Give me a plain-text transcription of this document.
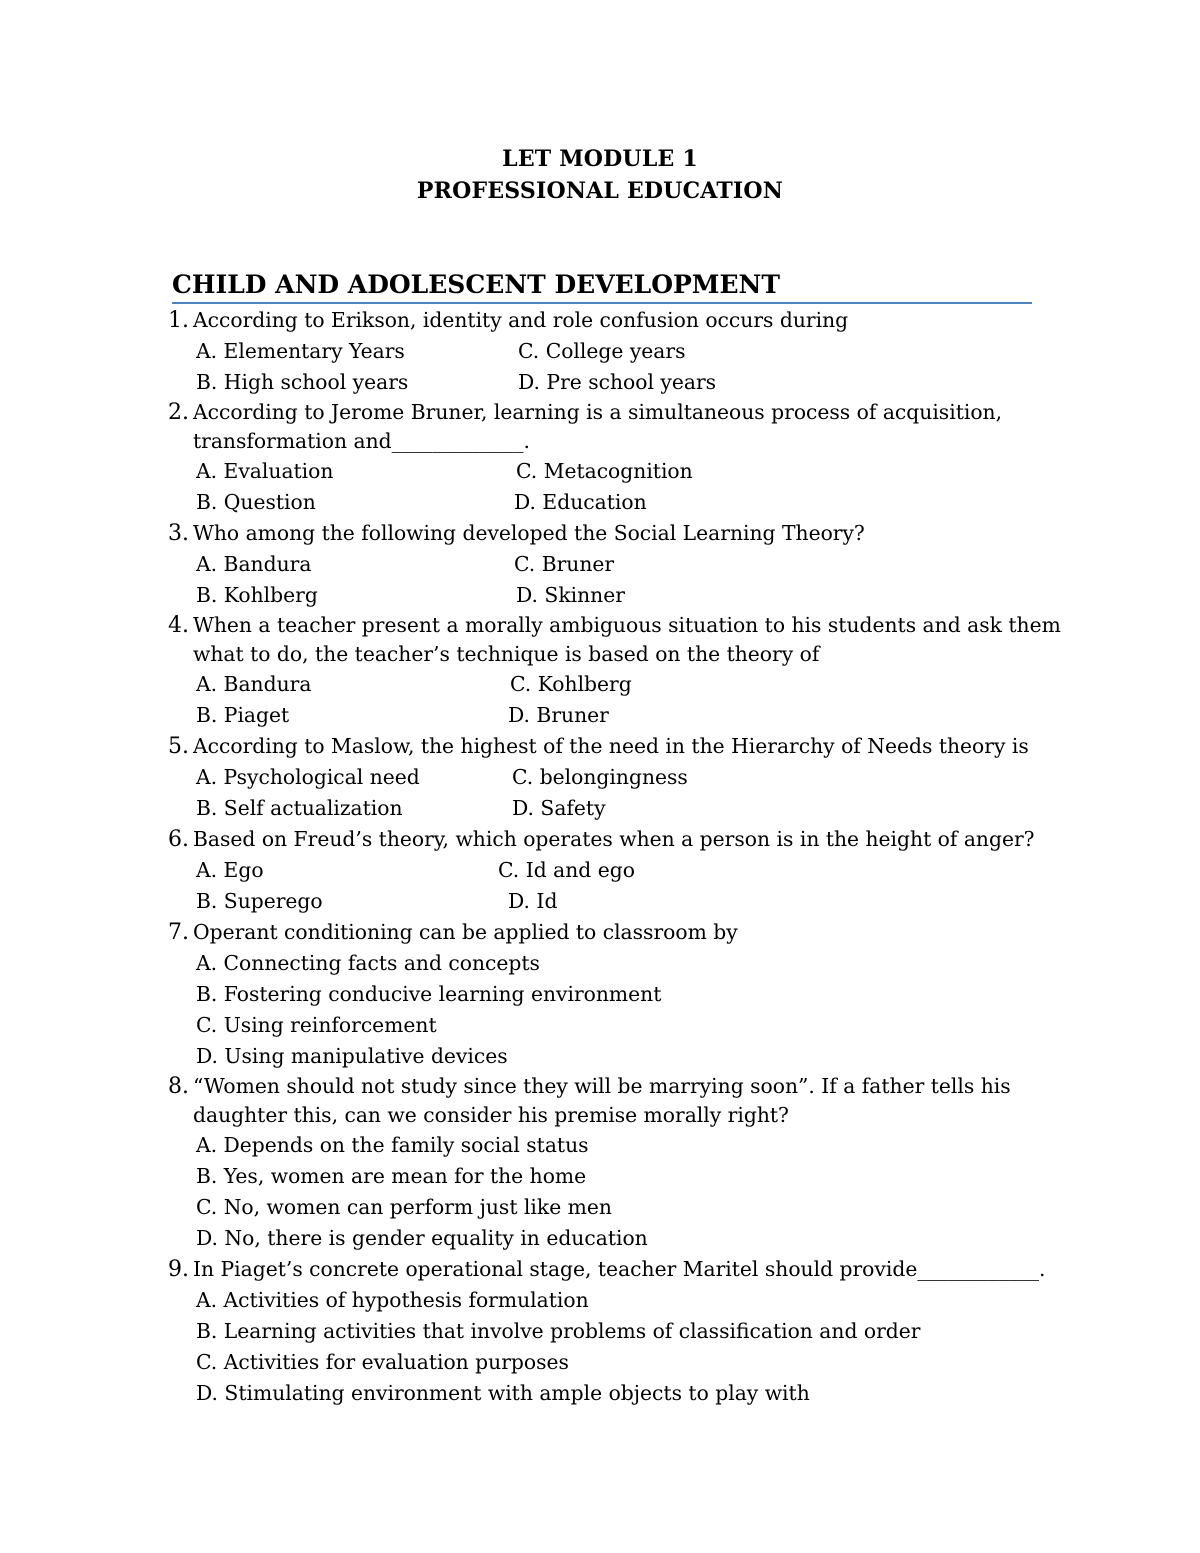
LET MODULE 1
PROFESSIONAL EDUCATION
CHILD AND ADOLESCENT DEVELOPMENT
1. According to Erikson, identity and role confusion occurs during
A. Elementary Years	C. College years
B. High school years	D. Pre school years
2. According to Jerome Bruner, learning is a simultaneous process of acquisition,
transformation and_____________.
A. Evaluation	C. Metacognition
B. Question	D. Education
3. Who among the following developed the Social Learning Theory?
A. Bandura	C. Bruner
B. Kohlberg	D. Skinner
4. When a teacher present a morally ambiguous situation to his students and ask them
what to do, the teacher’s technique is based on the theory of
A. Bandura	C. Kohlberg
B. Piaget	D. Bruner
5. According to Maslow, the highest of the need in the Hierarchy of Needs theory is
A. Psychological need	C. belongingness
B. Self actualization	D. Safety
6. Based on Freud’s theory, which operates when a person is in the height of anger?
A. Ego	C. Id and ego
B. Superego	D. Id
7. Operant conditioning can be applied to classroom by
A. Connecting facts and concepts
B. Fostering conducive learning environment
C. Using reinforcement
D. Using manipulative devices
8. “Women should not study since they will be marrying soon”. If a father tells his
daughter this, can we consider his premise morally right?
A. Depends on the family social status
B. Yes, women are mean for the home
C. No, women can perform just like men
D. No, there is gender equality in education
9. In Piaget’s concrete operational stage, teacher Maritel should provide____________.
A. Activities of hypothesis formulation
B. Learning activities that involve problems of classification and order
C. Activities for evaluation purposes
D. Stimulating environment with ample objects to play with
